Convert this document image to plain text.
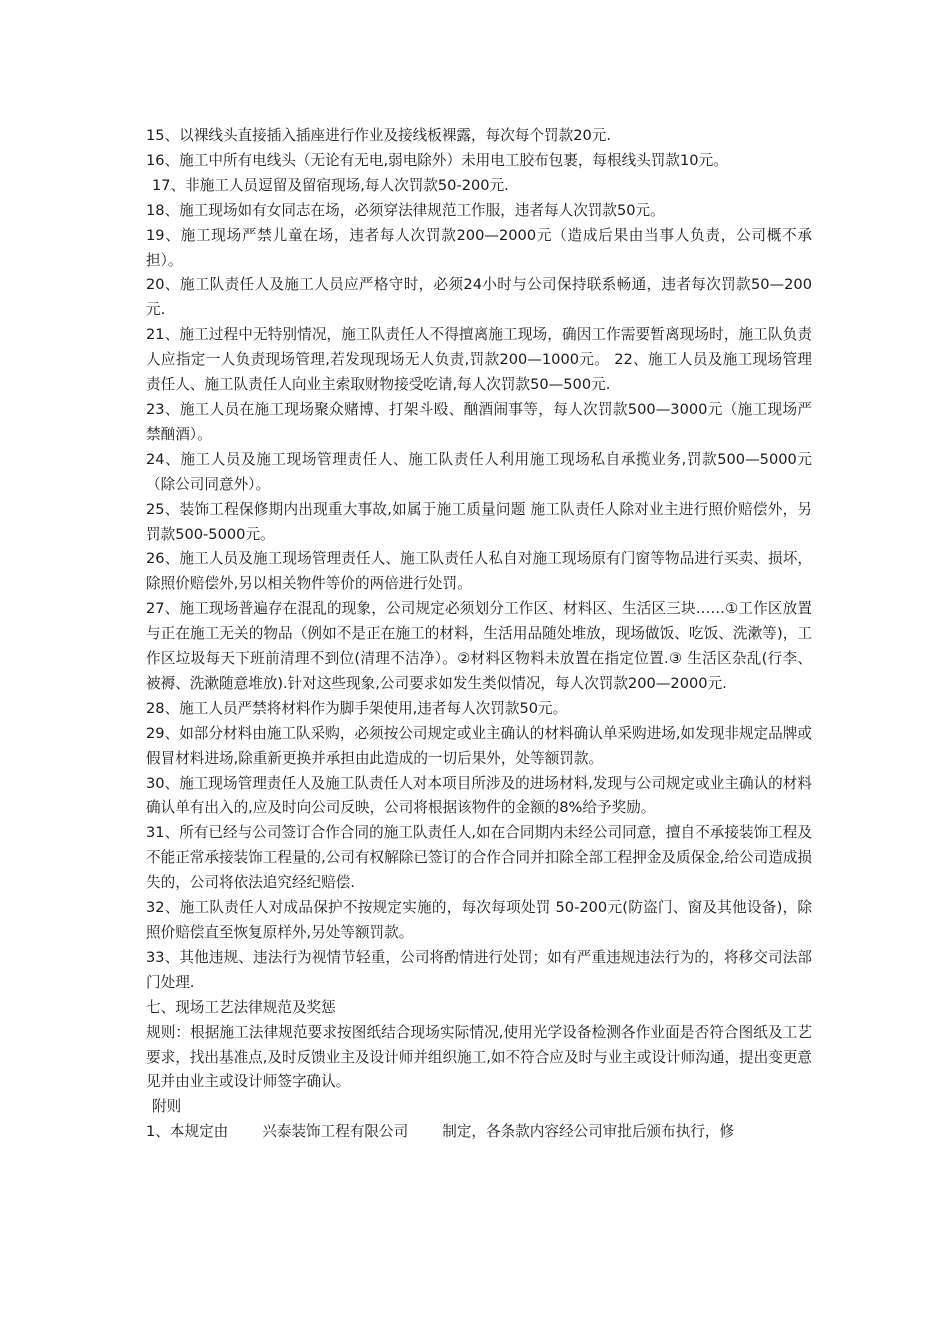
15、以裸线头直接插入插座进行作业及接线板裸露，每次每个罚款20元.

16、施工中所有电线头（无论有无电,弱电除外）未用电工胶布包裹，每根线头罚款10元。

17、非施工人员逗留及留宿现场,每人次罚款50-200元.

18、施工现场如有女同志在场，必须穿法律规范工作服，违者每人次罚款50元。

19、施工现场严禁儿童在场，违者每人次罚款200—2000元（造成后果由当事人负责，公司概不承担）。

20、施工队责任人及施工人员应严格守时，必须24小时与公司保持联系畅通，违者每次罚款50—200元.

21、施工过程中无特别情况，施工队责任人不得擅离施工现场，确因工作需要暂离现场时，施工队负责人应指定一人负责现场管理,若发现现场无人负责,罚款200—1000元。 22、施工人员及施工现场管理责任人、施工队责任人向业主索取财物接受吃请,每人次罚款50—500元.

23、施工人员在施工现场聚众赌博、打架斗殴、酗酒闹事等，每人次罚款500—3000元（施工现场严禁酗酒）。

24、施工人员及施工现场管理责任人、施工队责任人利用施工现场私自承揽业务,罚款500—5000元（除公司同意外）。

25、装饰工程保修期内出现重大事故,如属于施工质量问题 施工队责任人除对业主进行照价赔偿外，另罚款500-5000元。

26、施工人员及施工现场管理责任人、施工队责任人私自对施工现场原有门窗等物品进行买卖、损坏，除照价赔偿外,另以相关物件等价的两倍进行处罚。

27、施工现场普遍存在混乱的现象，公司规定必须划分工作区、材料区、生活区三块……①工作区放置与正在施工无关的物品（例如不是正在施工的材料，生活用品随处堆放，现场做饭、吃饭、洗漱等)，工作区垃圾每天下班前清理不到位(清理不洁净）。②材料区物料未放置在指定位置.③ 生活区杂乱(行李、被褥、洗漱随意堆放).针对这些现象,公司要求如发生类似情况，每人次罚款200—2000元.

28、施工人员严禁将材料作为脚手架使用,违者每人次罚款50元。

29、如部分材料由施工队采购，必须按公司规定或业主确认的材料确认单采购进场,如发现非规定品牌或假冒材料进场,除重新更换并承担由此造成的一切后果外，处等额罚款。

30、施工现场管理责任人及施工队责任人对本项目所涉及的进场材料,发现与公司规定或业主确认的材料确认单有出入的,应及时向公司反映，公司将根据该物件的金额的8%给予奖励。

31、所有已经与公司签订合作合同的施工队责任人,如在合同期内未经公司同意，擅自不承接装饰工程及不能正常承接装饰工程量的,公司有权解除已签订的合作合同并扣除全部工程押金及质保金,给公司造成损失的，公司将依法追究经纪赔偿.

32、施工队责任人对成品保护不按规定实施的，每次每项处罚 50-200元(防盗门、窗及其他设备)，除照价赔偿直至恢复原样外,另处等额罚款。

33、其他违规、违法行为视情节轻重，公司将酌情进行处罚；如有严重违规违法行为的，将移交司法部门处理.

七、现场工艺法律规范及奖惩

规则：根据施工法律规范要求按图纸结合现场实际情况,使用光学设备检测各作业面是否符合图纸及工艺要求，找出基准点,及时反馈业主及设计师并组织施工,如不符合应及时与业主或设计师沟通，提出变更意见并由业主或设计师签字确认。

附则

1、本规定由 兴泰装饰工程有限公司 制定，各条款内容经公司审批后颁布执行，修
